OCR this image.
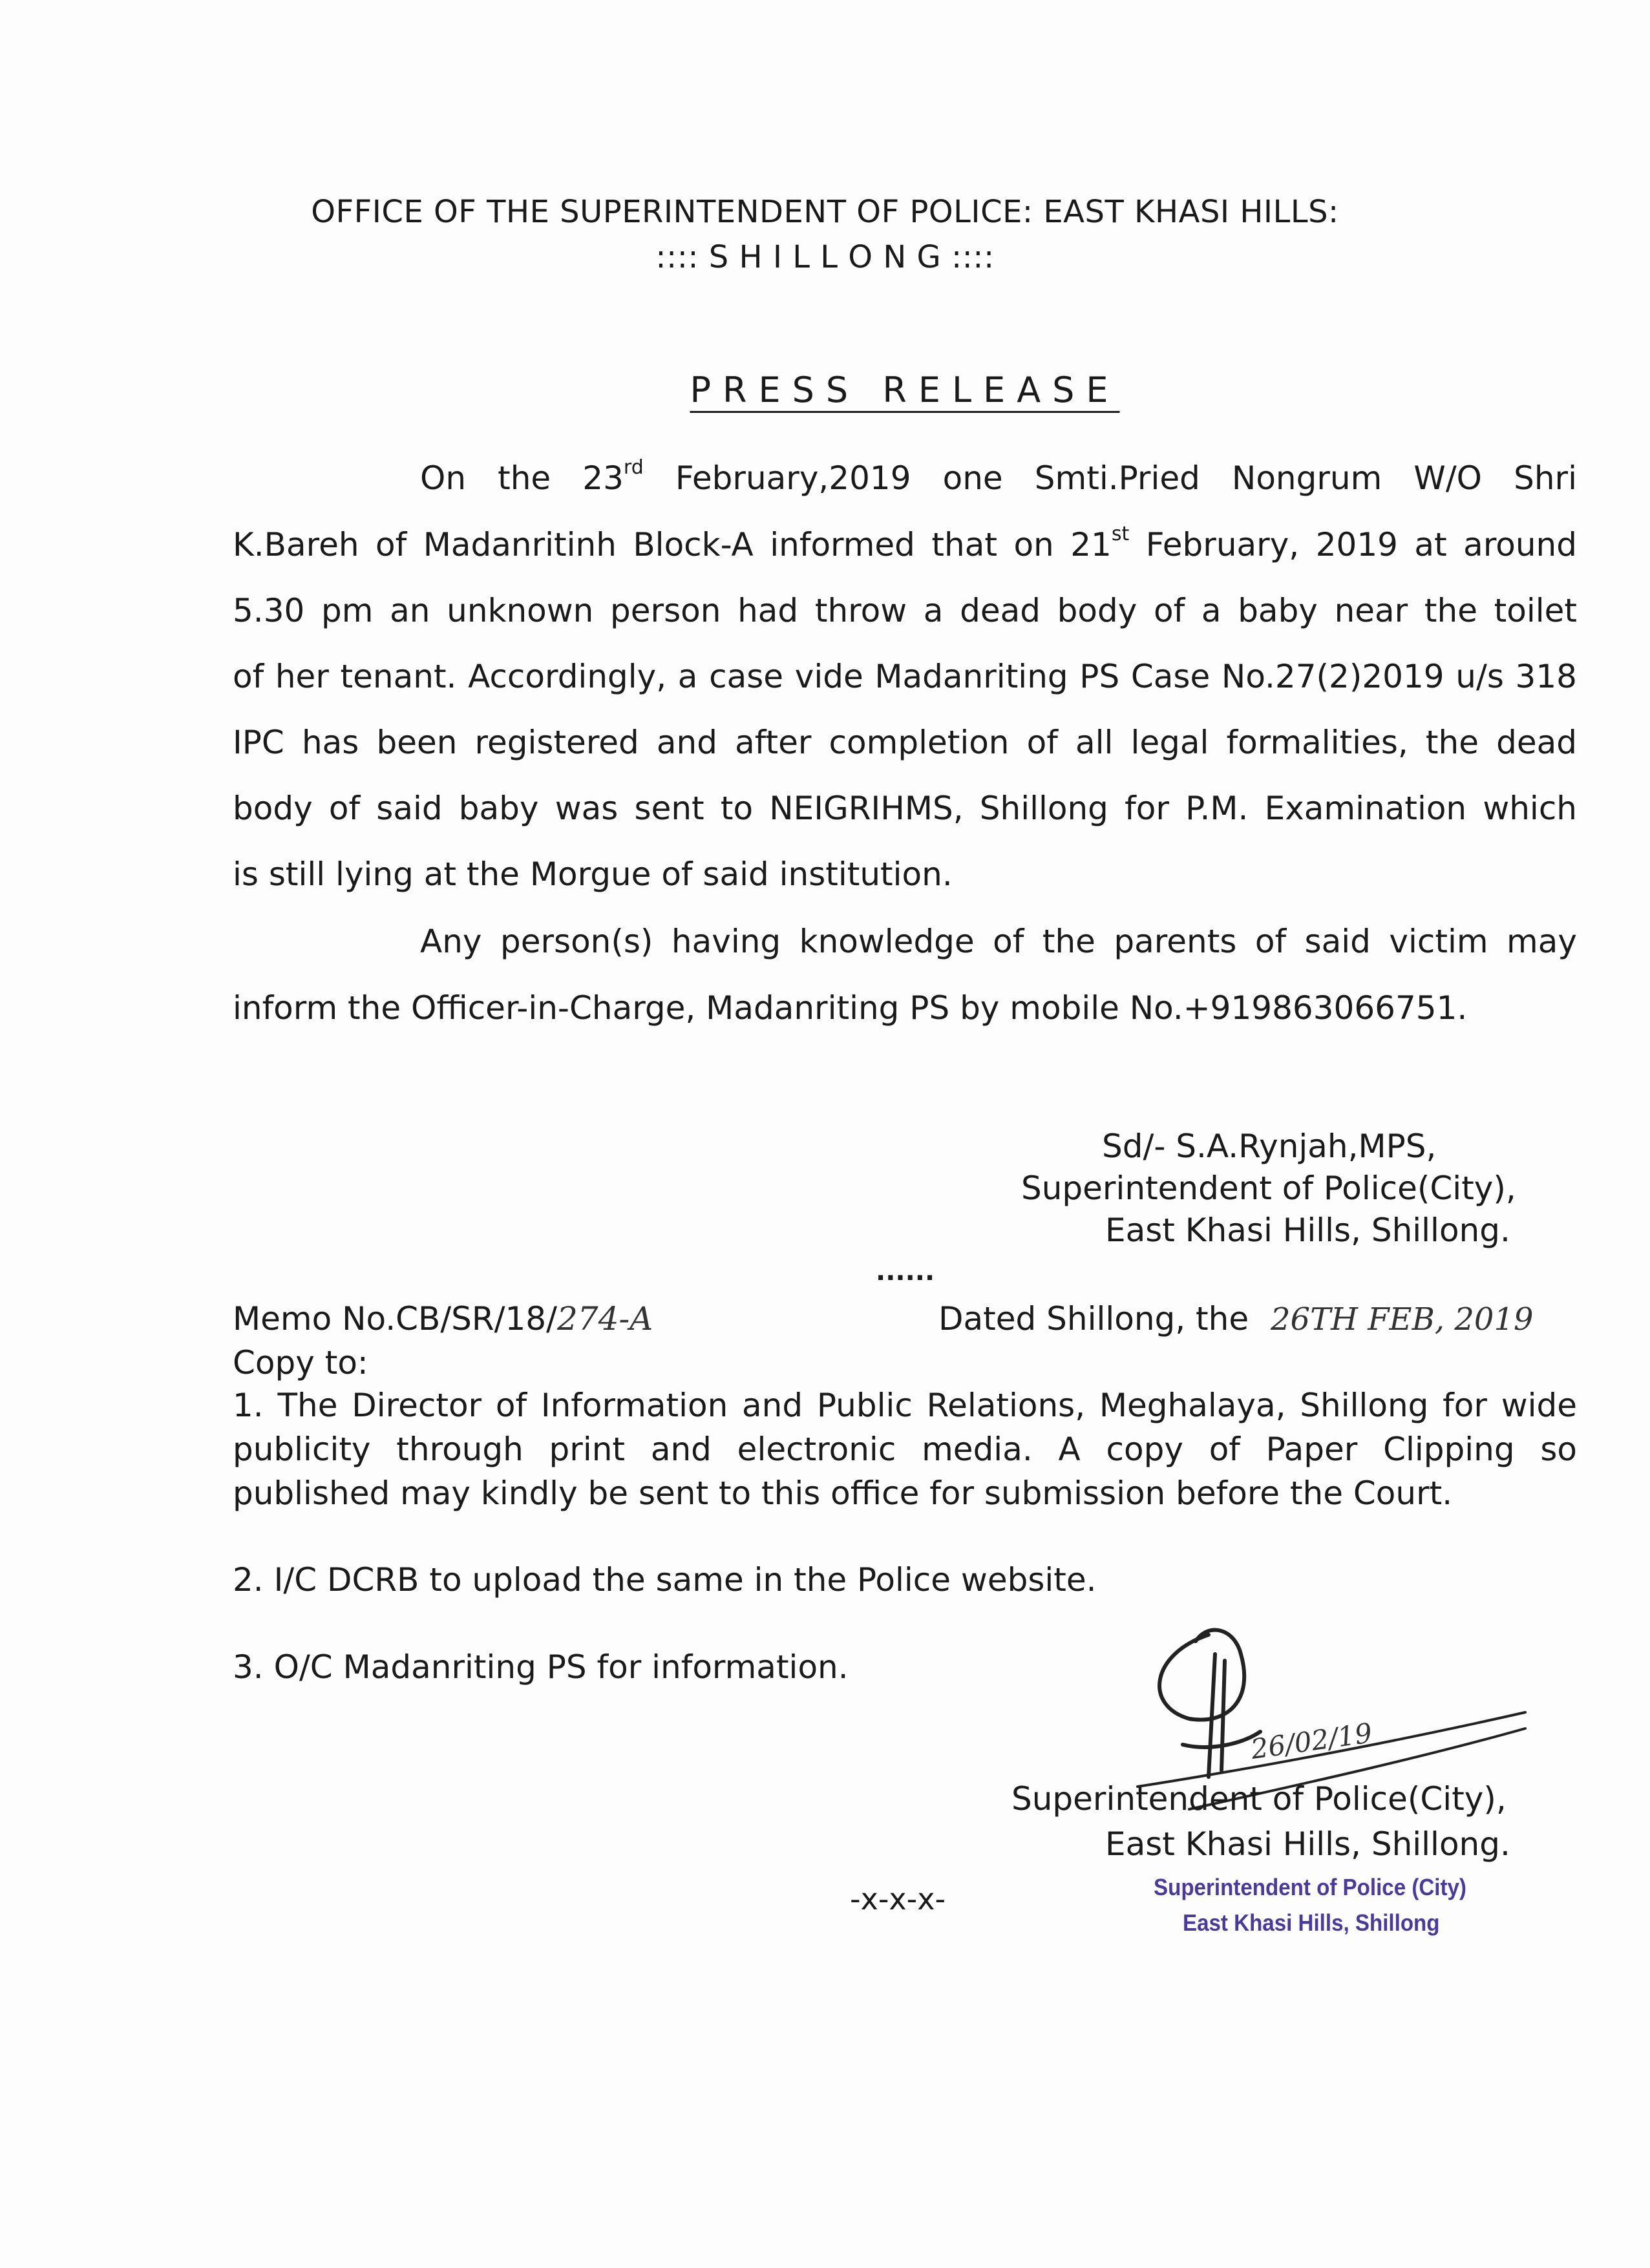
OFFICE OF THE SUPERINTENDENT OF POLICE: EAST KHASI HILLS:
:::: S H I L L O N G ::::
PRESS RELEASE
On the 23rd February,2019 one Smti.Pried Nongrum W/O Shri
K.Bareh of Madanritinh Block-A informed that on 21st February, 2019 at around
5.30 pm an unknown person had throw a dead body of a baby near the toilet
of her tenant. Accordingly, a case vide Madanriting PS Case No.27(2)2019 u/s 318
IPC has been registered and after completion of all legal formalities, the dead
body of said baby was sent to NEIGRIHMS, Shillong for P.M. Examination which
is still lying at the Morgue of said institution.
Any person(s) having knowledge of the parents of said victim may
inform the Officer-in-Charge, Madanriting PS by mobile No.+919863066751.
Sd/- S.A.Rynjah,MPS,
Superintendent of Police(City),
East Khasi Hills, Shillong.
......
Memo No.CB/SR/18/274-A	Dated Shillong, the 26TH FEB, 2019
Copy to:
1. The Director of Information and Public Relations, Meghalaya, Shillong for wide
publicity through print and electronic media. A copy of Paper Clipping so
published may kindly be sent to this office for submission before the Court.
2. I/C DCRB to upload the same in the Police website.
3. O/C Madanriting PS for information.
26/02/19
Superintendent of Police(City),
East Khasi Hills, Shillong.
Superintendent of Police (City)
East Khasi Hills, Shillong
-x-x-x-
